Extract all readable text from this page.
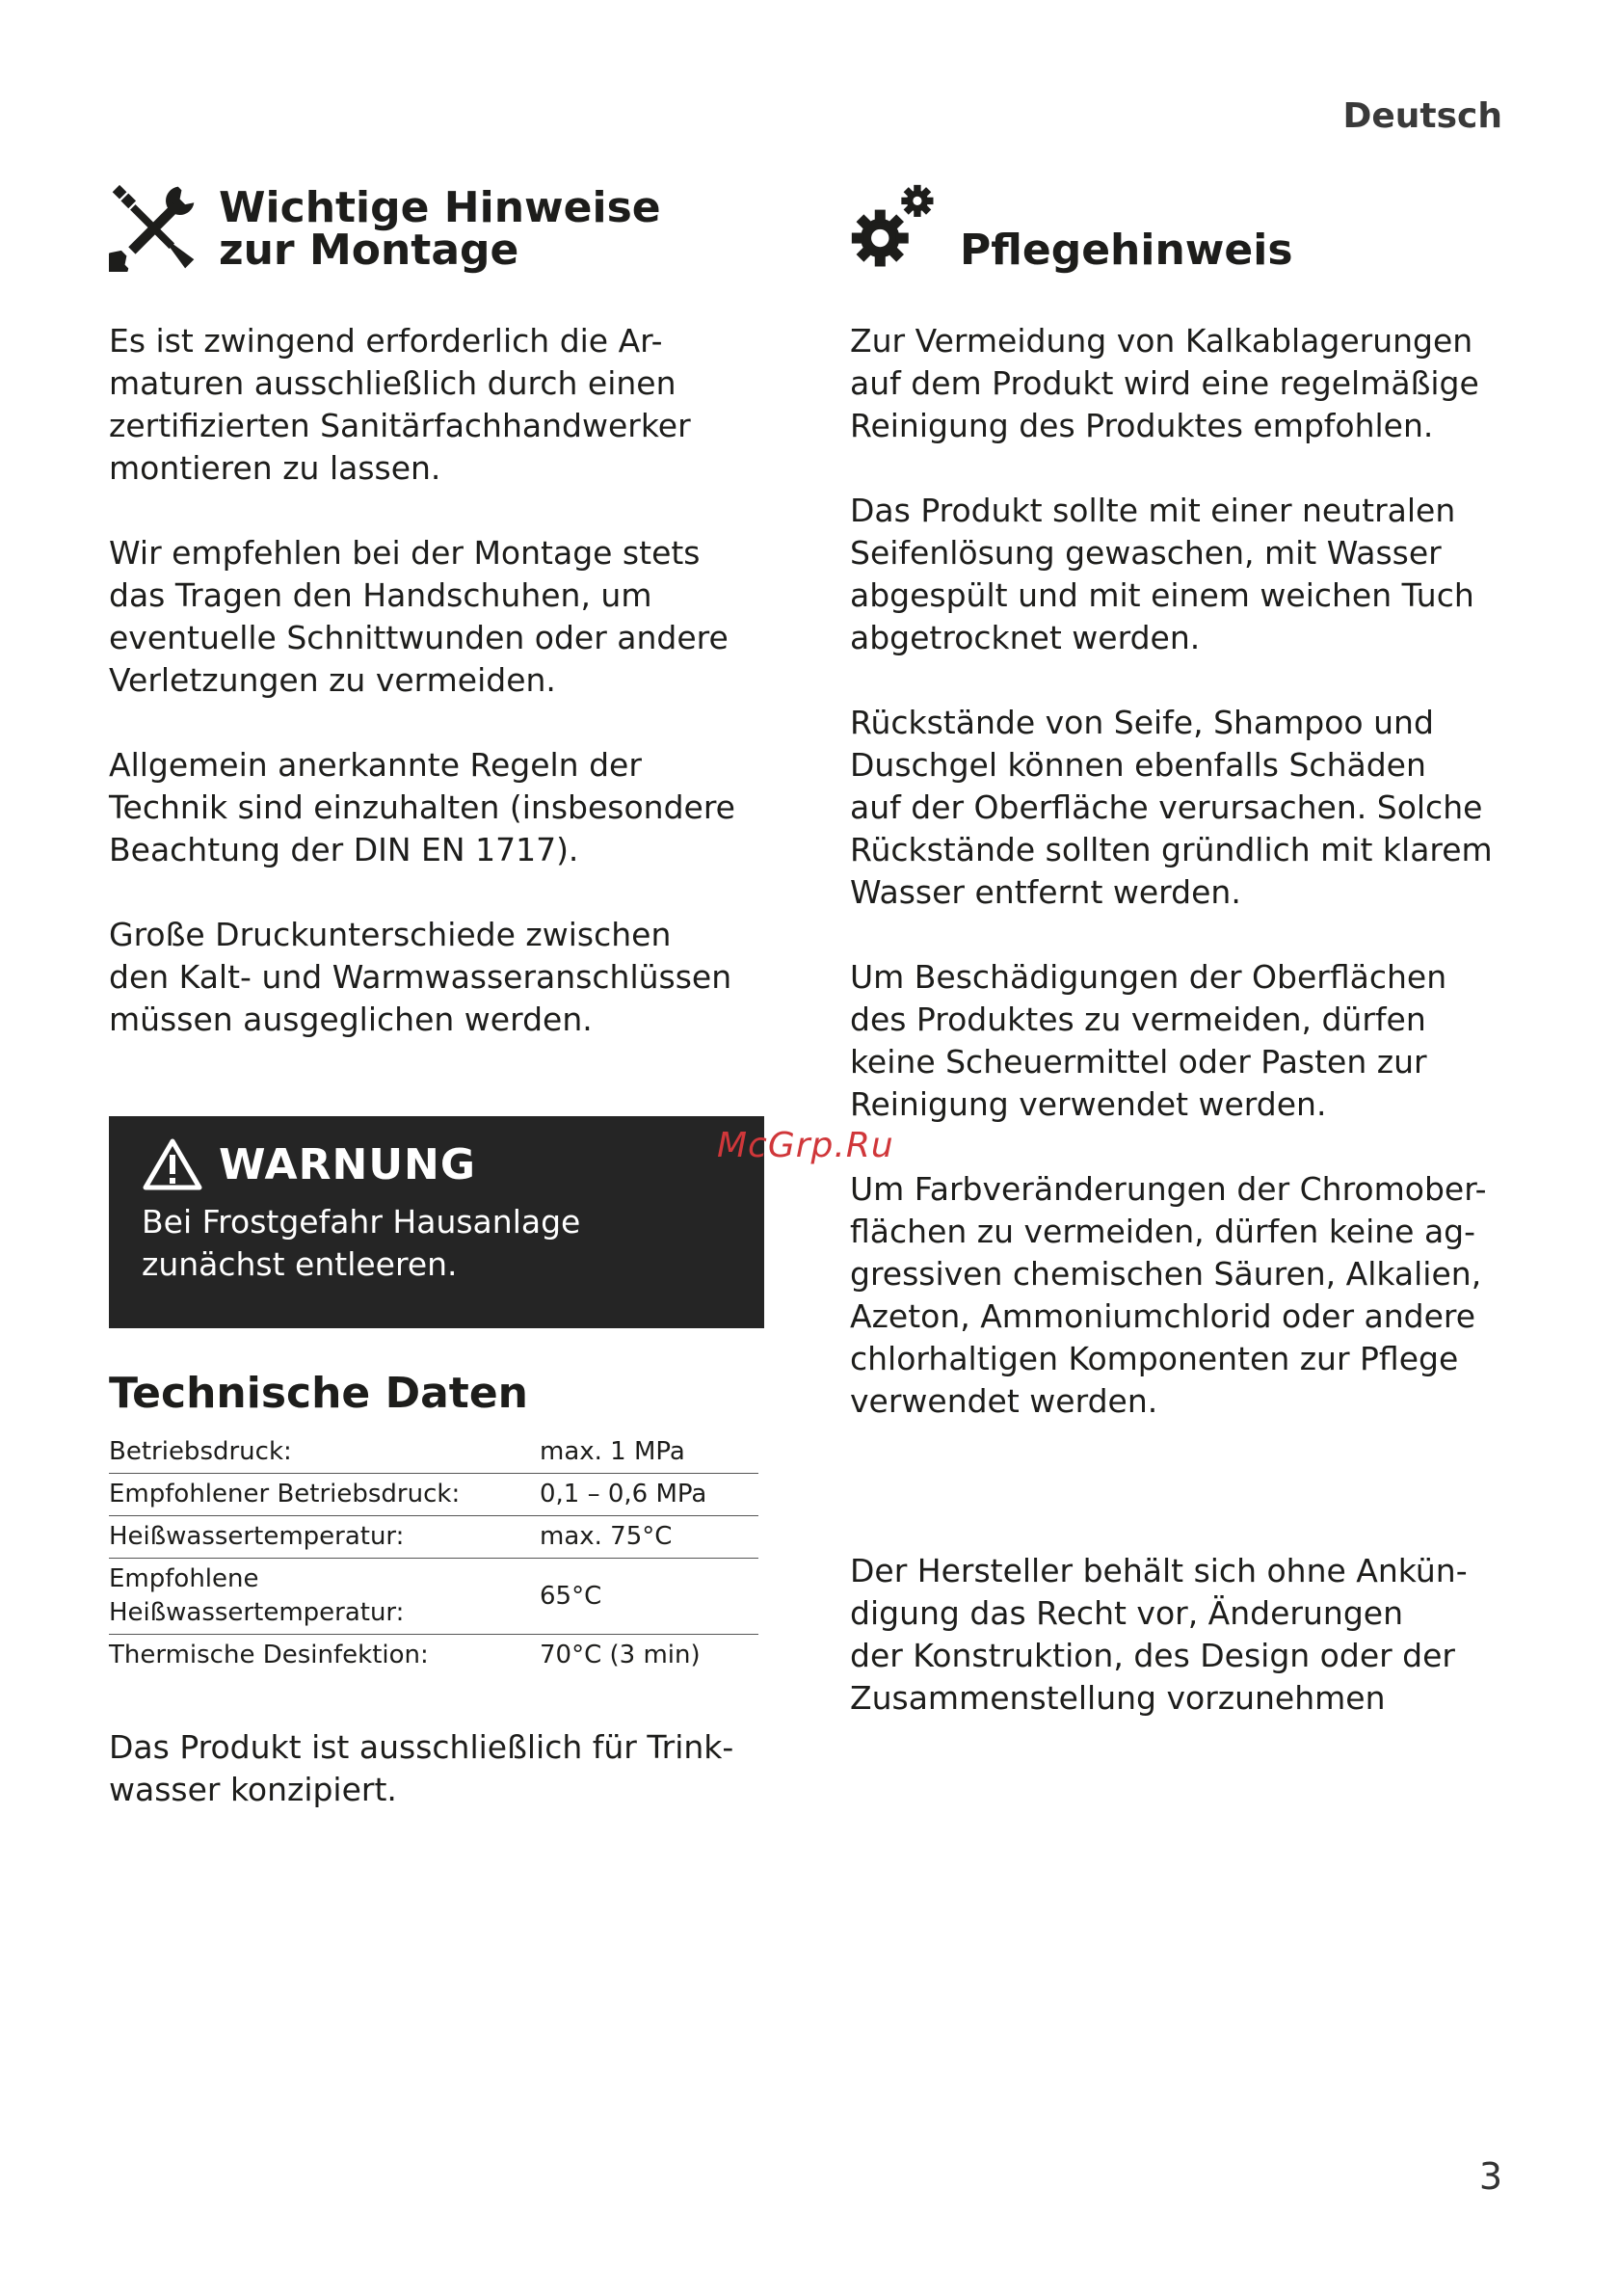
Deutsch
Wichtige Hinweise
zur Montage

Es ist zwingend erforderlich die Ar-
maturen ausschließlich durch einen
zertifizierten Sanitärfachhandwerker
montieren zu lassen.

Wir empfehlen bei der Montage stets
das Tragen den Handschuhen, um
eventuelle Schnittwunden oder andere
Verletzungen zu vermeiden.

Allgemein anerkannte Regeln der
Technik sind einzuhalten (insbesondere
Beachtung der DIN EN 1717).

Große Druckunterschiede zwischen
den Kalt- und Warmwasseranschlüssen
müssen ausgeglichen werden.

WARNUNG
Bei Frostgefahr Hausanlage
zunächst entleeren.
Technische Daten
Betriebsdruck:	max. 1 MPa
Empfohlener Betriebsdruck:	0,1 – 0,6 MPa
Heißwassertemperatur:	max. 75°C
Empfohlene
Heißwassertemperatur:	65°C
Thermische Desinfektion:	70°C (3 min)
Das Produkt ist ausschließlich für Trink-
wasser konzipiert.
Pflegehinweis

Zur Vermeidung von Kalkablagerungen
auf dem Produkt wird eine regelmäßige
Reinigung des Produktes empfohlen.

Das Produkt sollte mit einer neutralen
Seifenlösung gewaschen, mit Wasser
abgespült und mit einem weichen Tuch
abgetrocknet werden.

Rückstände von Seife, Shampoo und
Duschgel können ebenfalls Schäden
auf der Oberfläche verursachen. Solche
Rückstände sollten gründlich mit klarem
Wasser entfernt werden.

Um Beschädigungen der Oberflächen
des Produktes zu vermeiden, dürfen
keine Scheuermittel oder Pasten zur
Reinigung verwendet werden.

Um Farbveränderungen der Chromober-
flächen zu vermeiden, dürfen keine ag-
gressiven chemischen Säuren, Alkalien,
Azeton, Ammoniumchlorid oder andere
chlorhaltigen Komponenten zur Pflege
verwendet werden.

Der Hersteller behält sich ohne Ankün-
digung das Recht vor, Änderungen
der Konstruktion, des Design oder der
Zusammenstellung vorzunehmen

McGrp.Ru
3
